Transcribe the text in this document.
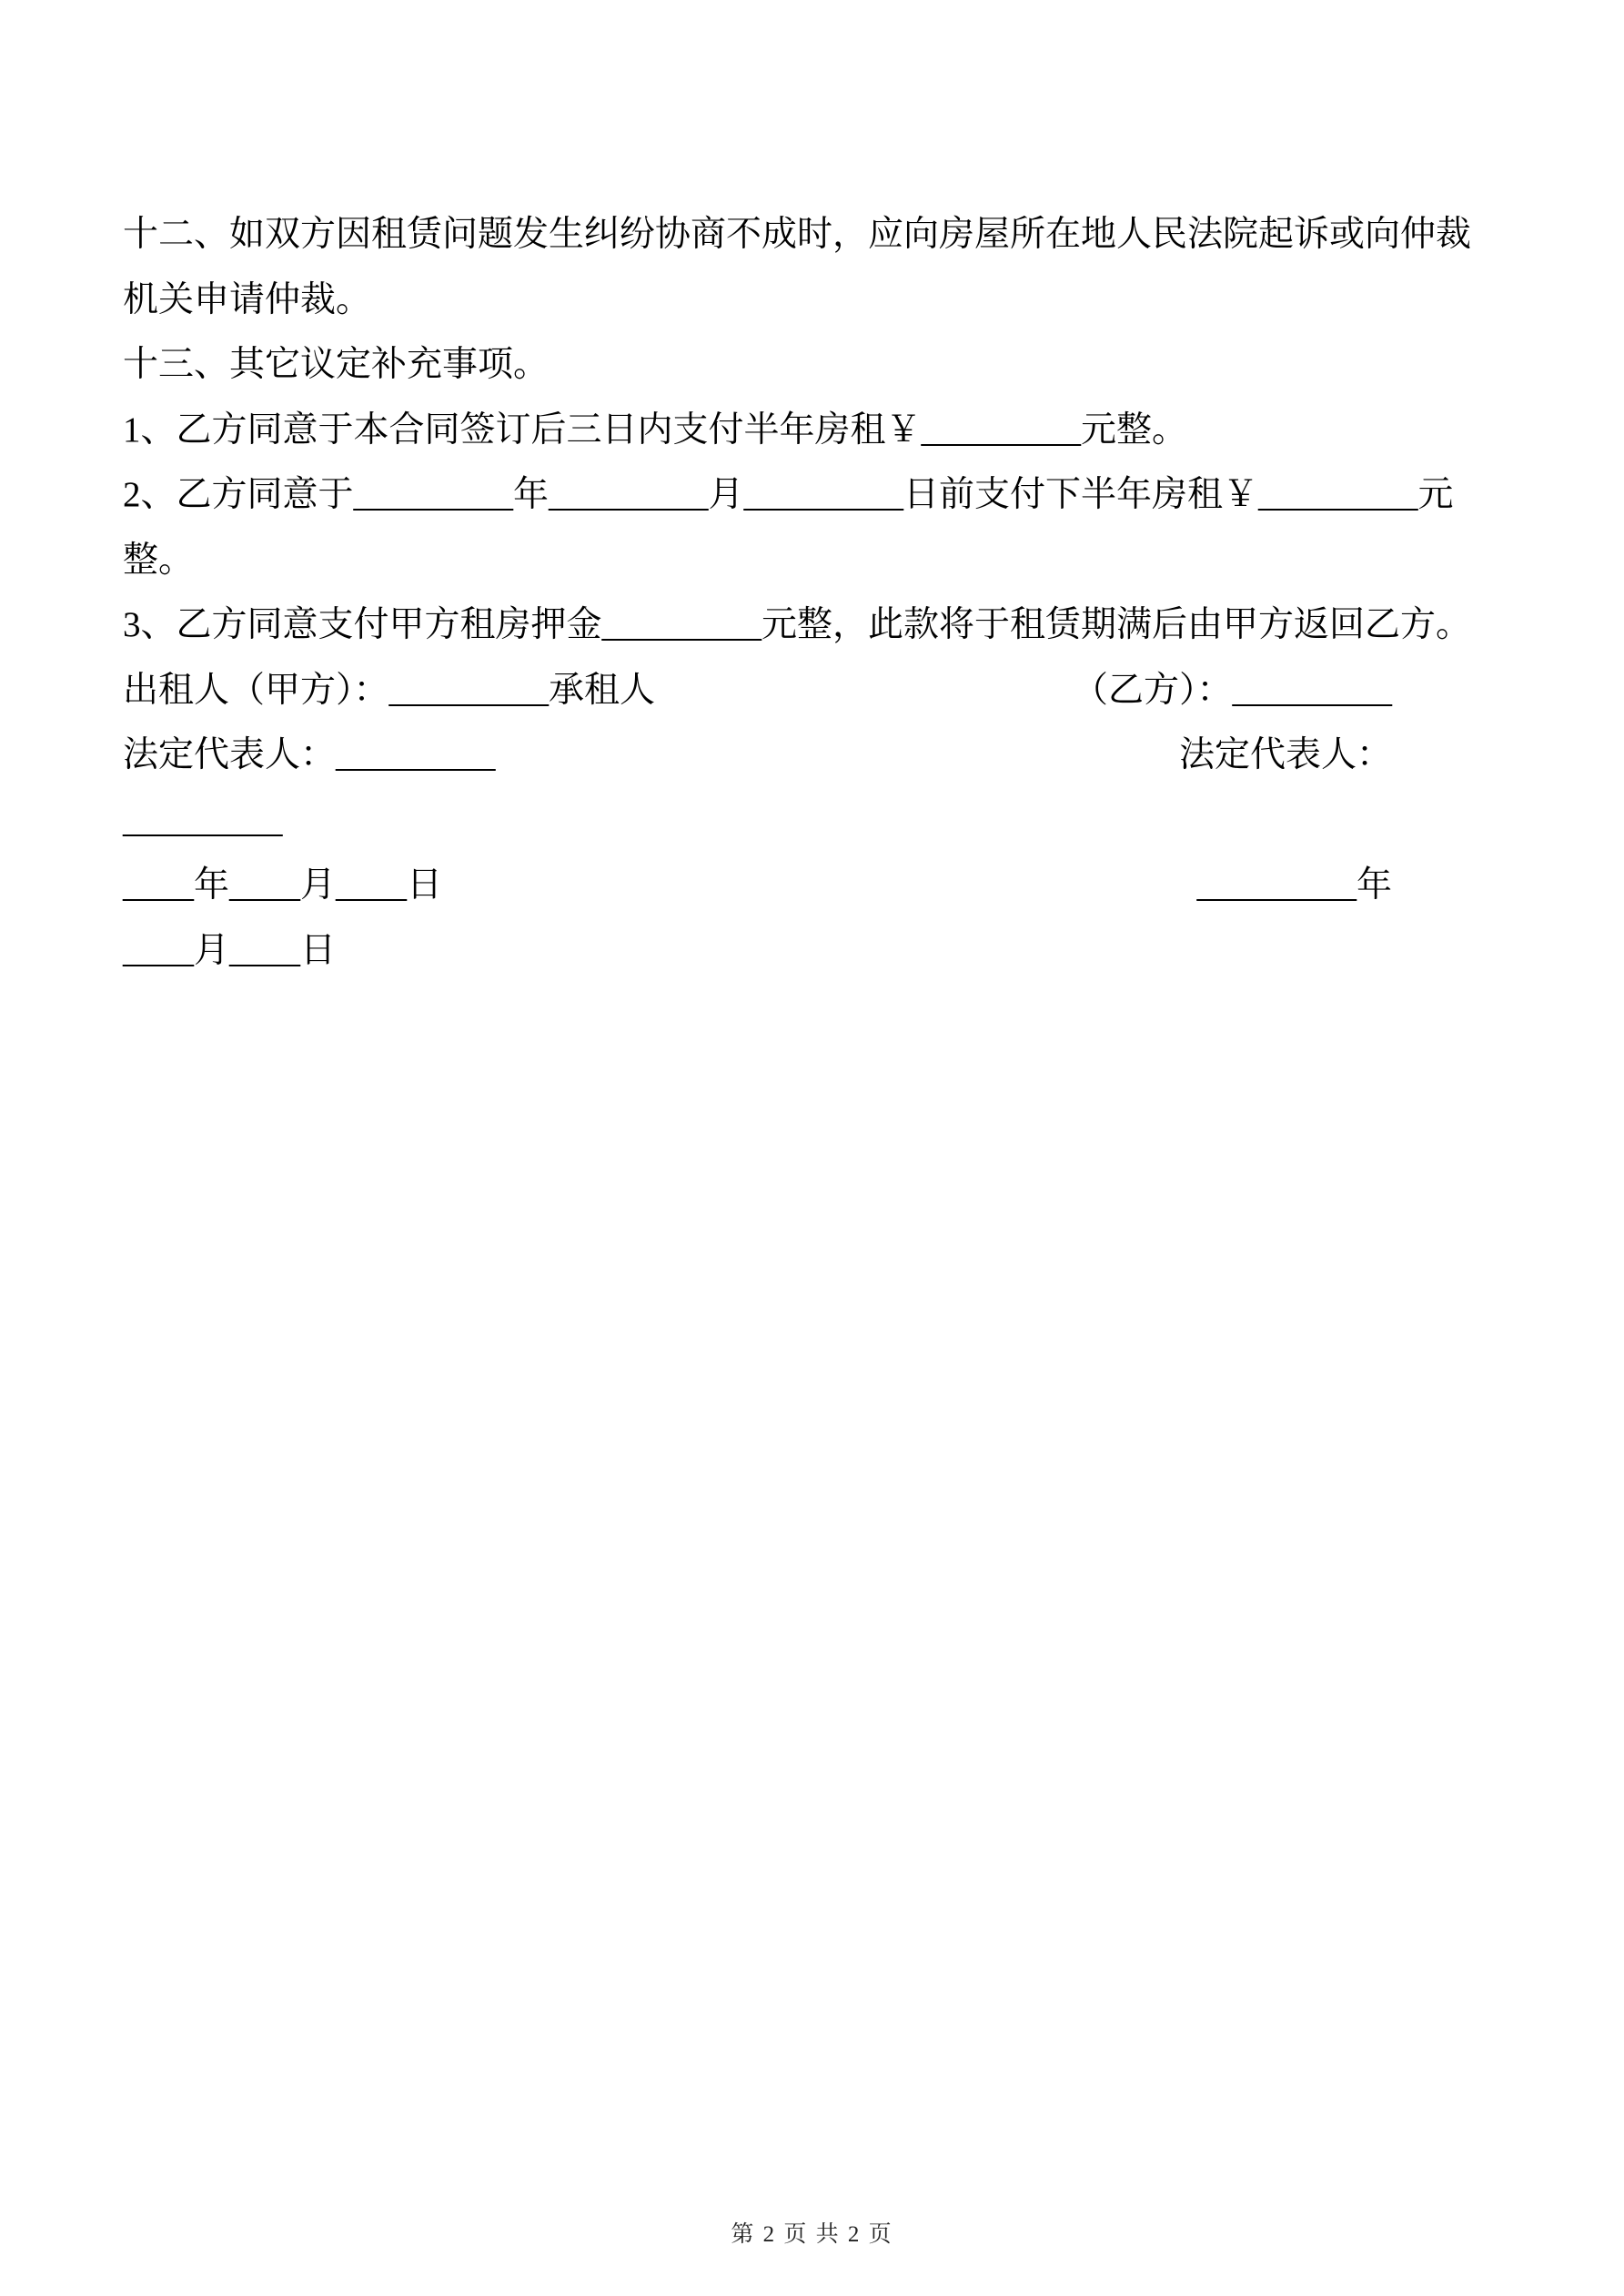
十二、如双方因租赁问题发生纠纷协商不成时，应向房屋所在地人民法院起诉或向仲裁

机关申请仲裁。

十三、其它议定补充事项。

1、乙方同意于本合同签订后三日内支付半年房租￥_________元整。

2、乙方同意于_________年_________月_________日前支付下半年房租￥_________元

整。

3、乙方同意支付甲方租房押金_________元整，此款将于租赁期满后由甲方返回乙方。

出租人（甲方）：_________承租人	（乙方）：_________
法定代表人：_________	法定代表人：

_________

____年____月____日	_________年

____月____日

第 2 页 共 2 页
